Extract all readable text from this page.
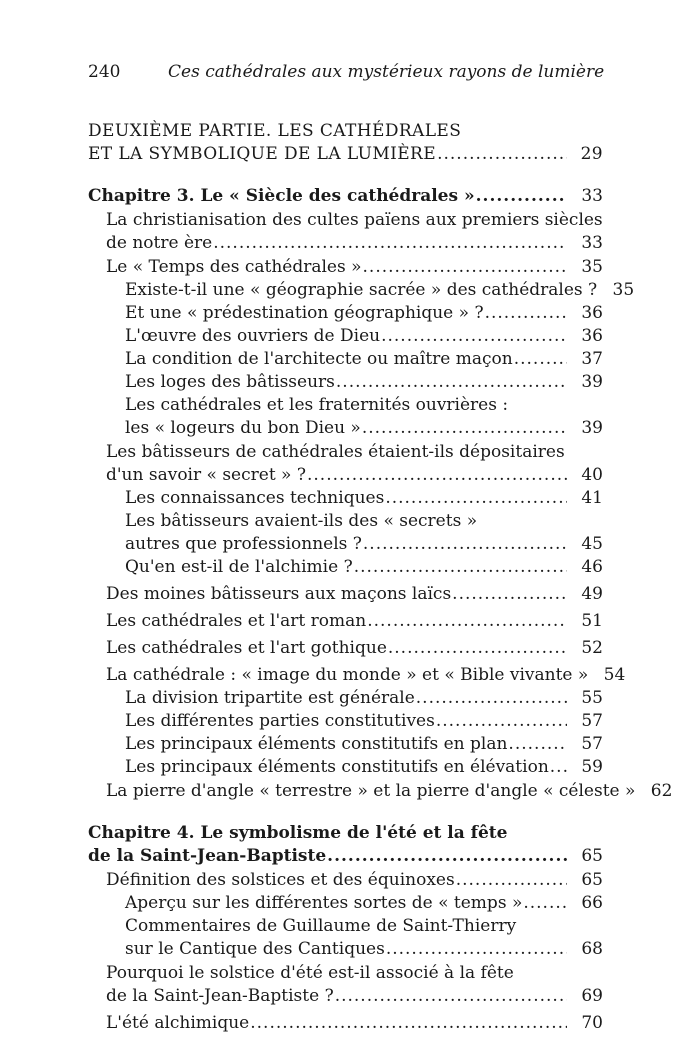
240	Ces cathédrales aux mystérieux rayons de lumière
DEUXIÈME PARTIE. LES CATHÉDRALES
ET LA SYMBOLIQUE DE LA LUMIÈRE .....	29
Chapitre 3. Le « Siècle des cathédrales » .....	33
La christianisation des cultes païens aux premiers siècles
de notre ère .....	33
Le « Temps des cathédrales » .....	35
Existe-t-il une « géographie sacrée » des cathédrales ? 35
Et une « prédestination géographique » ? .....	36
L'œuvre des ouvriers de Dieu .....	36
La condition de l'architecte ou maître maçon .....	37
Les loges des bâtisseurs .....	39
Les cathédrales et les fraternités ouvrières :
les « logeurs du bon Dieu » .....	39
Les bâtisseurs de cathédrales étaient-ils dépositaires
d'un savoir « secret » ? .....	40
Les connaissances techniques .....	41
Les bâtisseurs avaient-ils des « secrets »
autres que professionnels ? .....	45
Qu'en est-il de l'alchimie ? .....	46
Des moines bâtisseurs aux maçons laïcs .....	49
Les cathédrales et l'art roman .....	51
Les cathédrales et l'art gothique .....	52
La cathédrale : « image du monde » et « Bible vivante » 54
La division tripartite est générale .....	55
Les différentes parties constitutives .....	57
Les principaux éléments constitutifs en plan .....	57
Les principaux éléments constitutifs en élévation .....	59
La pierre d'angle « terrestre » et la pierre d'angle « céleste » 62
Chapitre 4. Le symbolisme de l'été et la fête
de la Saint-Jean-Baptiste .....	65
Définition des solstices et des équinoxes .....	65
Aperçu sur les différentes sortes de « temps » .....	66
Commentaires de Guillaume de Saint-Thierry
sur le Cantique des Cantiques .....	68
Pourquoi le solstice d'été est-il associé à la fête
de la Saint-Jean-Baptiste ? .....	69
L'été alchimique .....	70
